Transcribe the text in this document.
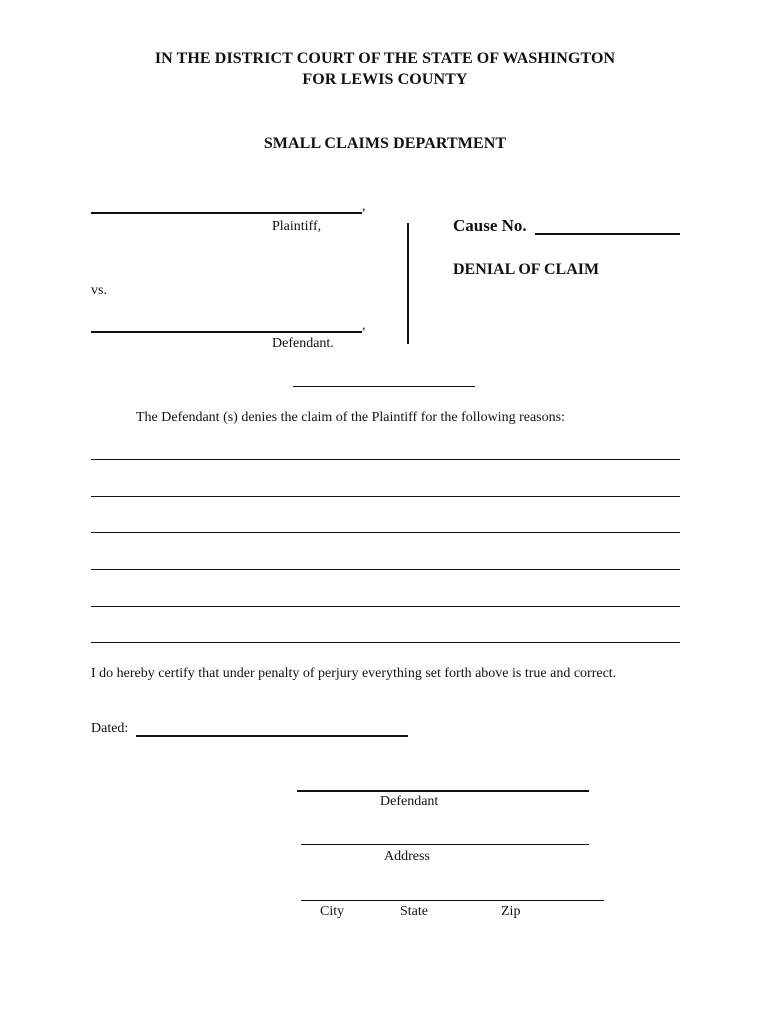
IN THE DISTRICT COURT OF THE STATE OF WASHINGTON
FOR LEWIS COUNTY
SMALL CLAIMS DEPARTMENT
,
Plaintiff,
vs.
,
Defendant.
Cause No.
DENIAL OF CLAIM
The Defendant (s) denies the claim of the Plaintiff for the following reasons:
I do hereby certify that under penalty of perjury everything set forth above is true and correct.
Dated:
Defendant
Address
City	State	Zip
